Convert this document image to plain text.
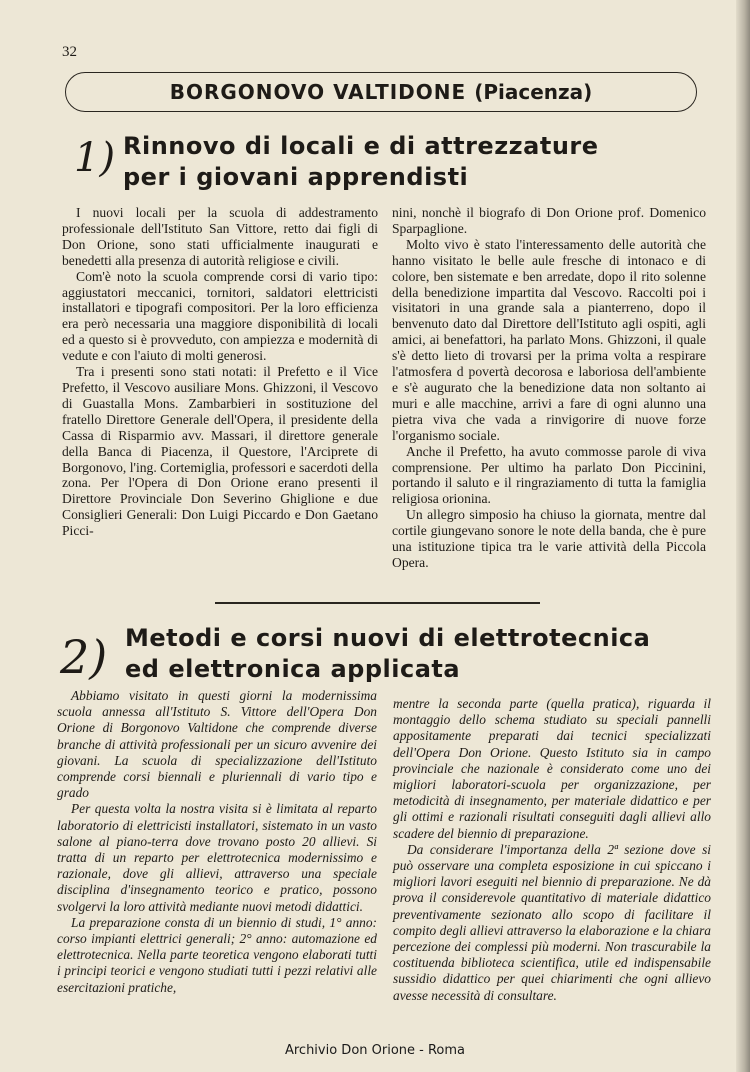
32
BORGONOVO VALTIDONE (Piacenza)
1) Rinnovo di locali e di attrezzature
per i giovani apprendisti

I nuovi locali per la scuola di addestramento professionale dell'Istituto San Vittore, retto dai figli di Don Orione, sono stati ufficialmente inaugurati e benedetti alla presenza di autorità religiose e civili.

Com'è noto la scuola comprende corsi di vario tipo: aggiustatori meccanici, tornitori, saldatori elettricisti installatori e tipografi compositori. Per la loro efficienza era però necessaria una maggiore disponibilità di locali ed a questo si è provveduto, con ampiezza e modernità di vedute e con l'aiuto di molti generosi.

Tra i presenti sono stati notati: il Prefetto e il Vice Prefetto, il Vescovo ausiliare Mons. Ghizzoni, il Vescovo di Guastalla Mons. Zambarbieri in sostituzione del fratello Direttore Generale dell'Opera, il presidente della Cassa di Risparmio avv. Massari, il direttore generale della Banca di Piacenza, il Questore, l'Arciprete di Borgonovo, l'ing. Cortemiglia, professori e sacerdoti della zona. Per l'Opera di Don Orione erano presenti il Direttore Provinciale Don Severino Ghiglione e due Consiglieri Generali: Don Luigi Piccardo e Don Gaetano Picci-

nini, nonchè il biografo di Don Orione prof. Domenico Sparpaglione.

Molto vivo è stato l'interessamento delle autorità che hanno visitato le belle aule fresche di intonaco e di colore, ben sistemate e ben arredate, dopo il rito solenne della benedizione impartita dal Vescovo. Raccolti poi i visitatori in una grande sala a pianterreno, dopo il benvenuto dato dal Direttore dell'Istituto agli ospiti, agli amici, ai benefattori, ha parlato Mons. Ghizzoni, il quale s'è detto lieto di trovarsi per la prima volta a respirare l'atmosfera d povertà decorosa e laboriosa dell'ambiente e s'è augurato che la benedizione data non soltanto ai muri e alle macchine, arrivi a fare di ogni alunno una pietra viva che vada a rinvigorire di nuove forze l'organismo sociale.

Anche il Prefetto, ha avuto commosse parole di viva comprensione. Per ultimo ha parlato Don Piccinini, portando il saluto e il ringraziamento di tutta la famiglia religiosa orionina.

Un allegro simposio ha chiuso la giornata, mentre dal cortile giungevano sonore le note della banda, che è pure una istituzione tipica tra le varie attività della Piccola Opera.

2) Metodi e corsi nuovi di elettrotecnica
ed elettronica applicata

Abbiamo visitato in questi giorni la modernissima scuola annessa all'Istituto S. Vittore dell'Opera Don Orione di Borgonovo Valtidone che comprende diverse branche di attività professionali per un sicuro avvenire dei giovani. La scuola di specializzazione dell'Istituto comprende corsi biennali e pluriennali di vario tipo e grado

Per questa volta la nostra visita si è limitata al reparto laboratorio di elettricisti installatori, sistemato in un vasto salone al piano-terra dove trovano posto 20 allievi. Si tratta di un reparto per elettrotecnica modernissimo e razionale, dove gli allievi, attraverso una speciale disciplina d'insegnamento teorico e pratico, possono svolgervi la loro attività mediante nuovi metodi didattici.

La preparazione consta di un biennio di studi, 1° anno: corso impianti elettrici generali; 2° anno: automazione ed elettrotecnica. Nella parte teoretica vengono elaborati tutti i principi teorici e vengono studiati tutti i pezzi relativi alle esercitazioni pratiche,

mentre la seconda parte (quella pratica), riguarda il montaggio dello schema studiato su speciali pannelli appositamente preparati dai tecnici specializzati dell'Opera Don Orione. Questo Istituto sia in campo provinciale che nazionale è considerato come uno dei migliori laboratori-scuola per organizzazione, per metodicità di insegnamento, per materiale didattico e per gli ottimi e razionali risultati conseguiti dagli allievi allo scadere del biennio di preparazione.

Da considerare l'importanza della 2ª sezione dove si può osservare una completa esposizione in cui spiccano i migliori lavori eseguiti nel biennio di preparazione. Ne dà prova il considerevole quantitativo di materiale didattico preventivamente sezionato allo scopo di facilitare il compito degli allievi attraverso la elaborazione e la chiara percezione dei complessi più moderni. Non trascurabile la costituenda biblioteca scientifica, utile ed indispensabile sussidio didattico per quei chiarimenti che ogni allievo avesse necessità di consultare.

Archivio Don Orione - Roma
